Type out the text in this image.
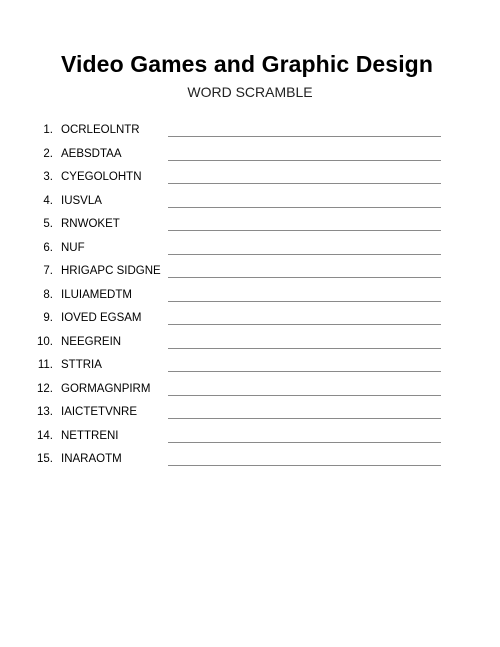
Video Games and Graphic Design
WORD SCRAMBLE
1. OCRLEOLNTR
2. AEBSDTAA
3. CYEGOLOHTN
4. IUSVLA
5. RNWOKET
6. NUF
7. HRIGAPC SIDGNE
8. ILUIAMEDTM
9. IOVED EGSAM
10. NEEGREIN
11. STTRIA
12. GORMAGNPIRM
13. IAICTETVNRE
14. NETTRENI
15. INARAOTM
